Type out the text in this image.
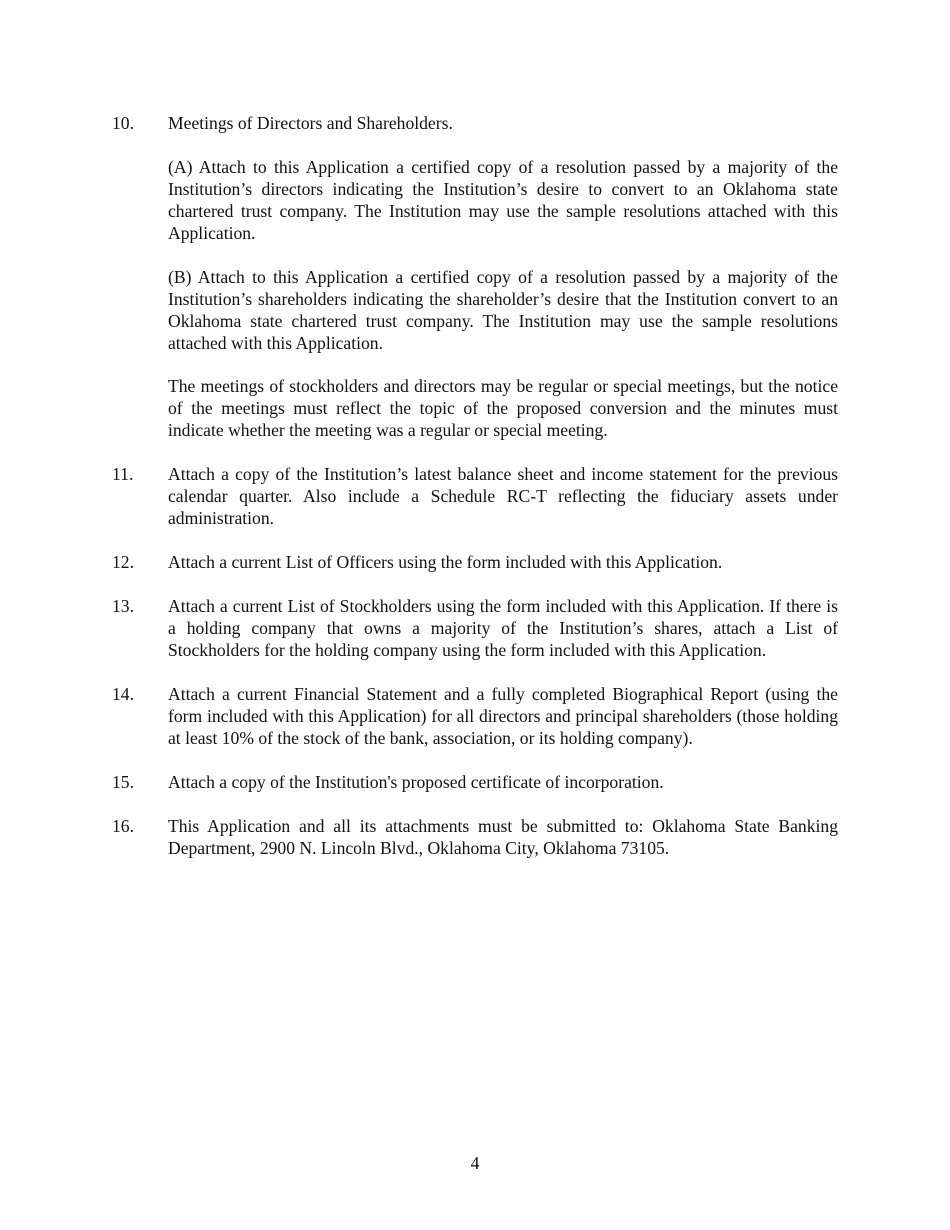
10.	Meetings of Directors and Shareholders.

(A) Attach to this Application a certified copy of a resolution passed by a majority of the Institution’s directors indicating the Institution’s desire to convert to an Oklahoma state chartered trust company. The Institution may use the sample resolutions attached with this Application.

(B) Attach to this Application a certified copy of a resolution passed by a majority of the Institution’s shareholders indicating the shareholder’s desire that the Institution convert to an Oklahoma state chartered trust company. The Institution may use the sample resolutions attached with this Application.

The meetings of stockholders and directors may be regular or special meetings, but the notice of the meetings must reflect the topic of the proposed conversion and the minutes must indicate whether the meeting was a regular or special meeting.

11.	Attach a copy of the Institution’s latest balance sheet and income statement for the previous calendar quarter. Also include a Schedule RC-T reflecting the fiduciary assets under administration.
12.	Attach a current List of Officers using the form included with this Application.
13.	Attach a current List of Stockholders using the form included with this Application. If there is a holding company that owns a majority of the Institution’s shares, attach a List of Stockholders for the holding company using the form included with this Application.
14.	Attach a current Financial Statement and a fully completed Biographical Report (using the form included with this Application) for all directors and principal shareholders (those holding at least 10% of the stock of the bank, association, or its holding company).
15.	Attach a copy of the Institution's proposed certificate of incorporation.
16.	This Application and all its attachments must be submitted to: Oklahoma State Banking Department, 2900 N. Lincoln Blvd., Oklahoma City, Oklahoma 73105.
4
